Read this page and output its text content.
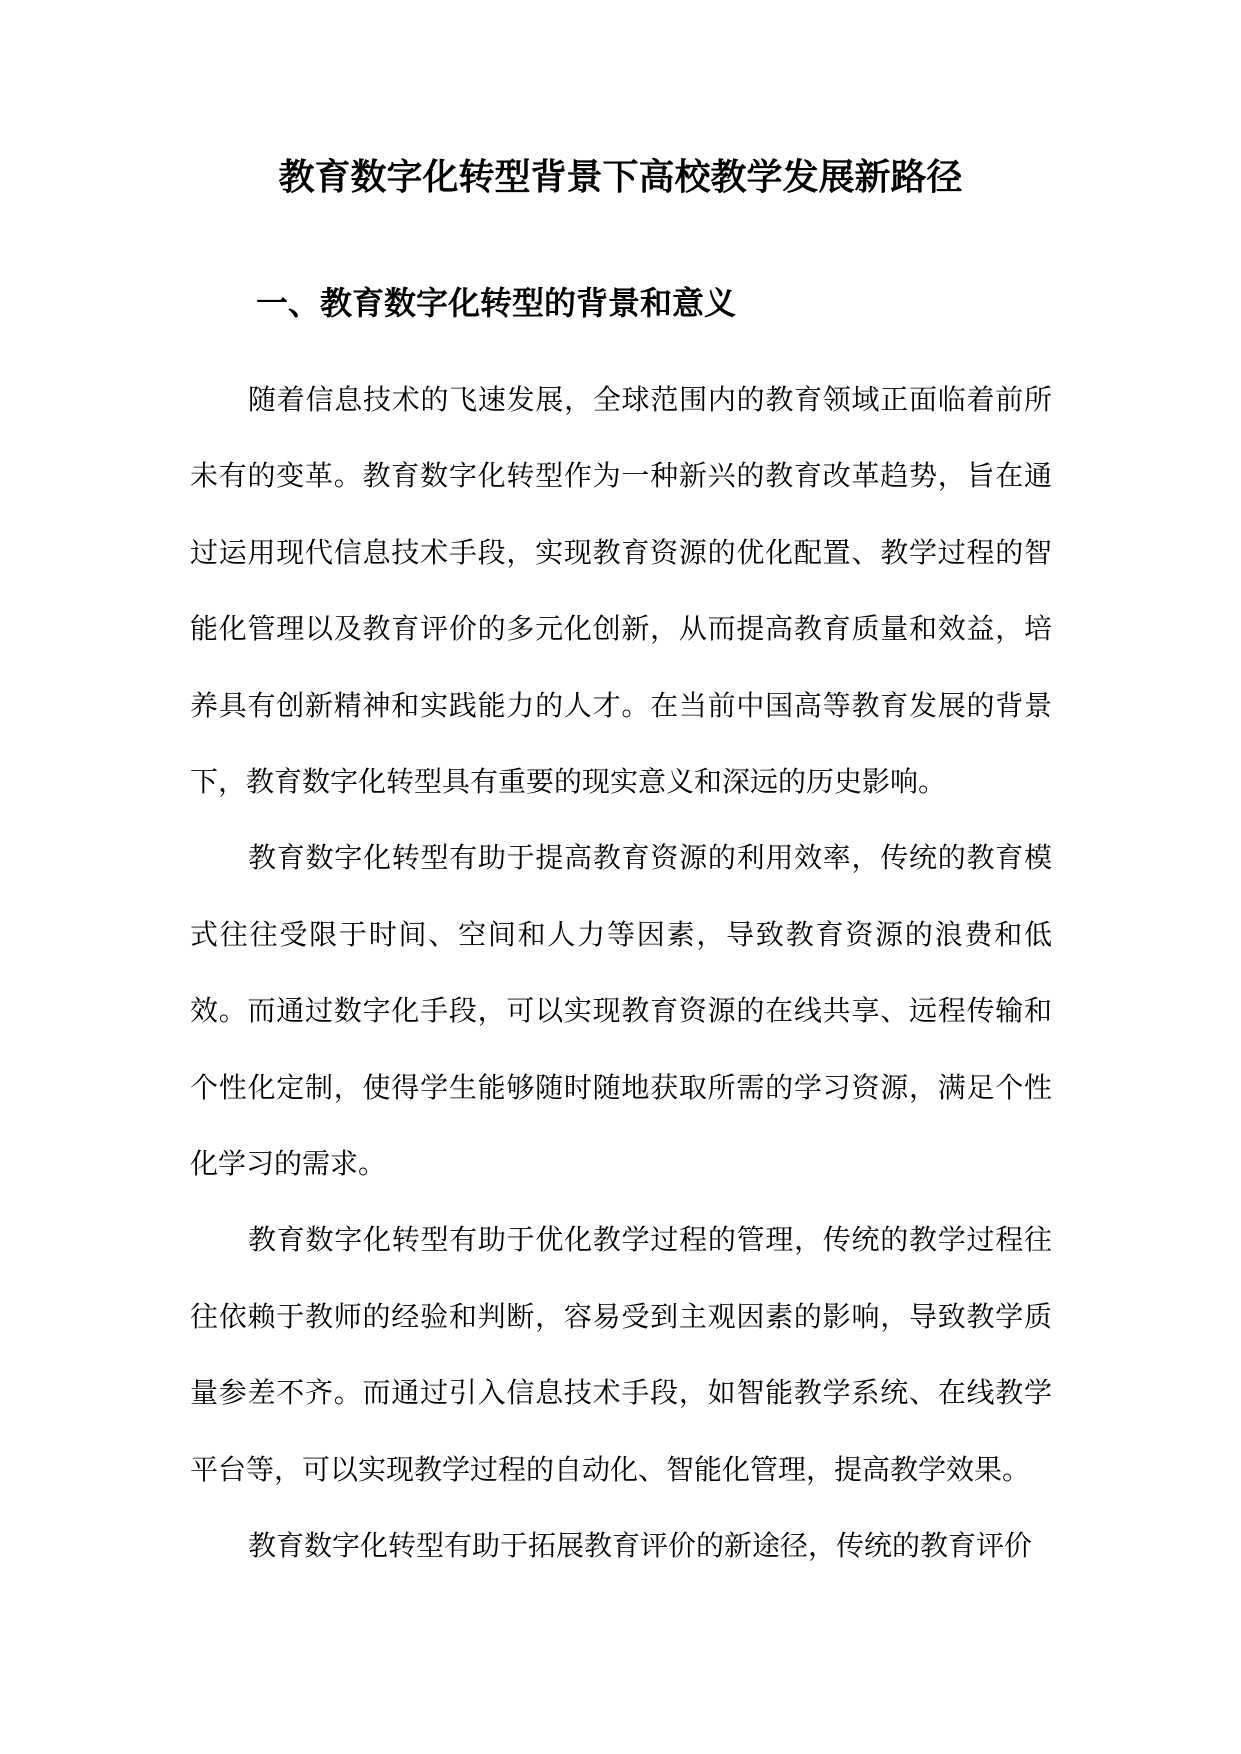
教育数字化转型背景下高校教学发展新路径
一、教育数字化转型的背景和意义

随着信息技术的飞速发展，全球范围内的教育领域正面临着前所未有的变革。教育数字化转型作为一种新兴的教育改革趋势，旨在通过运用现代信息技术手段，实现教育资源的优化配置、教学过程的智能化管理以及教育评价的多元化创新，从而提高教育质量和效益，培养具有创新精神和实践能力的人才。在当前中国高等教育发展的背景下，教育数字化转型具有重要的现实意义和深远的历史影响。

教育数字化转型有助于提高教育资源的利用效率，传统的教育模式往往受限于时间、空间和人力等因素，导致教育资源的浪费和低效。而通过数字化手段，可以实现教育资源的在线共享、远程传输和个性化定制，使得学生能够随时随地获取所需的学习资源，满足个性化学习的需求。

教育数字化转型有助于优化教学过程的管理，传统的教学过程往往依赖于教师的经验和判断，容易受到主观因素的影响，导致教学质量参差不齐。而通过引入信息技术手段，如智能教学系统、在线教学平台等，可以实现教学过程的自动化、智能化管理，提高教学效果。

教育数字化转型有助于拓展教育评价的新途径，传统的教育评价
